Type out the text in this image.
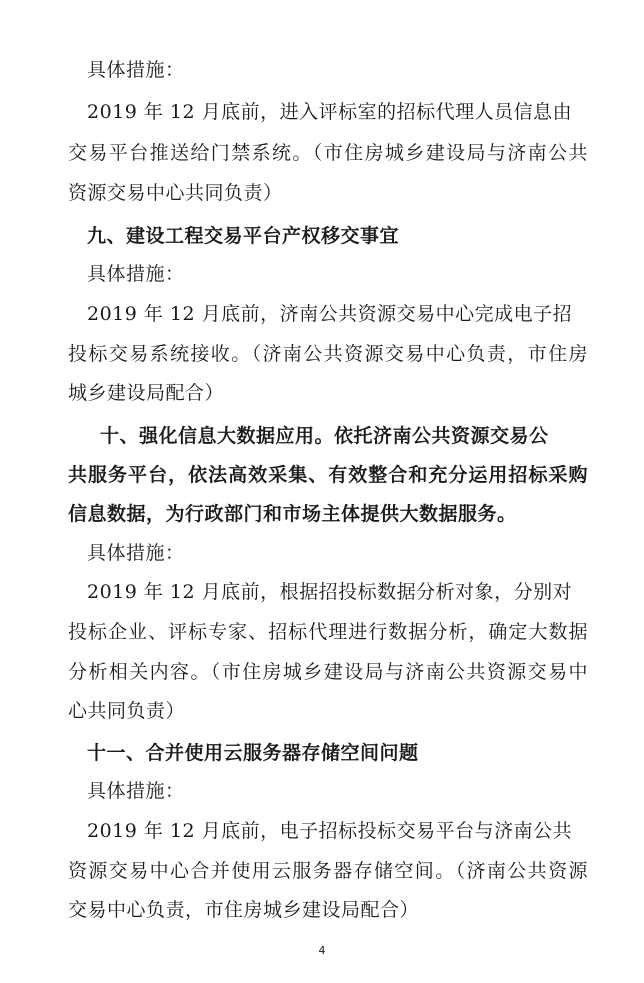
具体措施：
2019 年 12 月底前，进入评标室的招标代理人员信息由
交易平台推送给门禁系统。（市住房城乡建设局与济南公共
资源交易中心共同负责）
九、建设工程交易平台产权移交事宜
具体措施：
2019 年 12 月底前，济南公共资源交易中心完成电子招
投标交易系统接收。（济南公共资源交易中心负责，市住房
城乡建设局配合）
十、强化信息大数据应用。依托济南公共资源交易公
共服务平台，依法高效采集、有效整合和充分运用招标采购
信息数据，为行政部门和市场主体提供大数据服务。
具体措施：
2019 年 12 月底前，根据招投标数据分析对象，分别对
投标企业、评标专家、招标代理进行数据分析，确定大数据
分析相关内容。（市住房城乡建设局与济南公共资源交易中
心共同负责）
十一、合并使用云服务器存储空间问题
具体措施：
2019 年 12 月底前，电子招标投标交易平台与济南公共
资源交易中心合并使用云服务器存储空间。（济南公共资源
交易中心负责，市住房城乡建设局配合）
4
